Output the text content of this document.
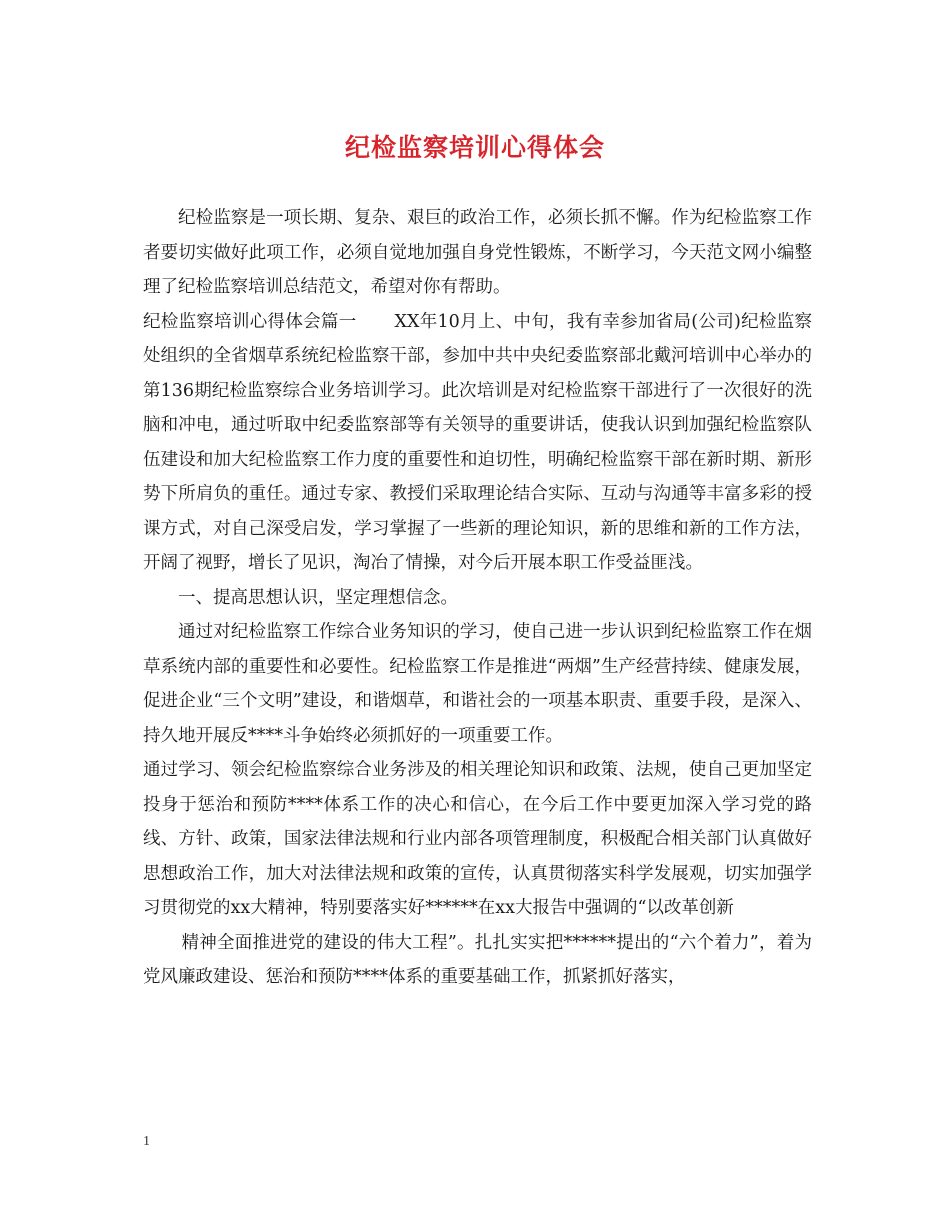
纪检监察培训心得体会

纪检监察是一项长期、复杂、艰巨的政治工作，必须长抓不懈。作为纪检监察工作者要切实做好此项工作，必须自觉地加强自身党性锻炼，不断学习，今天范文网小编整理了纪检监察培训总结范文，希望对你有帮助。

纪检监察培训心得体会篇一 XX年10月上、中旬，我有幸参加省局(公司)纪检监察处组织的全省烟草系统纪检监察干部，参加中共中央纪委监察部北戴河培训中心举办的第136期纪检监察综合业务培训学习。此次培训是对纪检监察干部进行了一次很好的洗脑和冲电，通过听取中纪委监察部等有关领导的重要讲话，使我认识到加强纪检监察队伍建设和加大纪检监察工作力度的重要性和迫切性，明确纪检监察干部在新时期、新形势下所肩负的重任。通过专家、教授们采取理论结合实际、互动与沟通等丰富多彩的授课方式，对自己深受启发，学习掌握了一些新的理论知识，新的思维和新的工作方法，开阔了视野，增长了见识，淘冶了情操，对今后开展本职工作受益匪浅。

一、提高思想认识，坚定理想信念。

通过对纪检监察工作综合业务知识的学习，使自己进一步认识到纪检监察工作在烟草系统内部的重要性和必要性。纪检监察工作是推进“两烟”生产经营持续、健康发展，促进企业“三个文明”建设，和谐烟草，和谐社会的一项基本职责、重要手段，是深入、持久地开展反****斗争始终必须抓好的一项重要工作。

通过学习、领会纪检监察综合业务涉及的相关理论知识和政策、法规，使自己更加坚定投身于惩治和预防****体系工作的决心和信心，在今后工作中要更加深入学习党的路线、方针、政策，国家法律法规和行业内部各项管理制度，积极配合相关部门认真做好思想政治工作，加大对法律法规和政策的宣传，认真贯彻落实科学发展观，切实加强学习贯彻党的xx大精神，特别要落实好******在xx大报告中强调的“以改革创新

精神全面推进党的建设的伟大工程”。扎扎实实把******提出的“六个着力”，着为党风廉政建设、惩治和预防****体系的重要基础工作，抓紧抓好落实，

1
